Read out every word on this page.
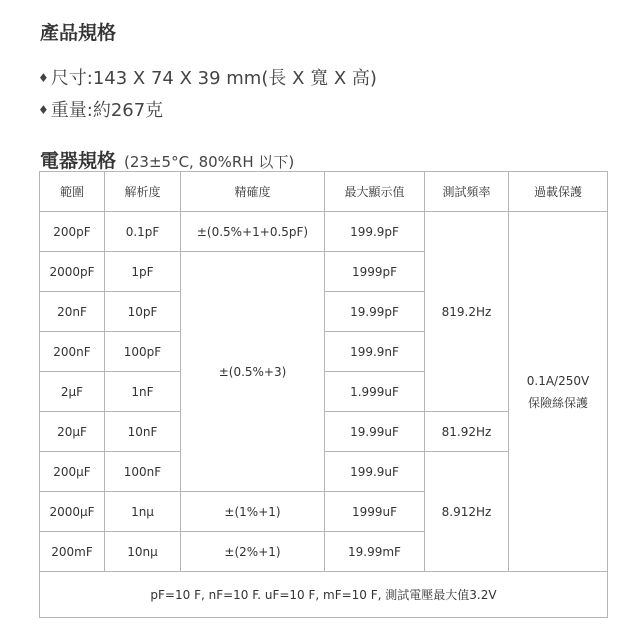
產品規格
♦ 尺寸:143 X 74 X 39 mm(長 X 寬 X 高)
♦ 重量:約267克
電器規格 (23±5°C, 80%RH 以下)
範圍	解析度	精確度	最大顯示值	測試頻率	過載保護
200pF	0.1pF	±(0.5%+1+0.5pF)	199.9pF	819.2Hz	0.1A/250V
保險絲保護

2000pF	1pF	±(0.5%+3)	1999pF		
20nF	10pF		19.99pF		
200nF	100pF		199.9nF		
2μF	1nF		1.999uF		
20μF	10nF		19.99uF	81.92Hz	
200μF	100nF		199.9uF	8.912Hz	
2000μF	1nμ	±(1%+1)	1999uF		
200mF	10nμ	±(2%+1)	19.99mF		
pF=10 F, nF=10 F. uF=10 F, mF=10 F, 測試電壓最大值3.2V					
